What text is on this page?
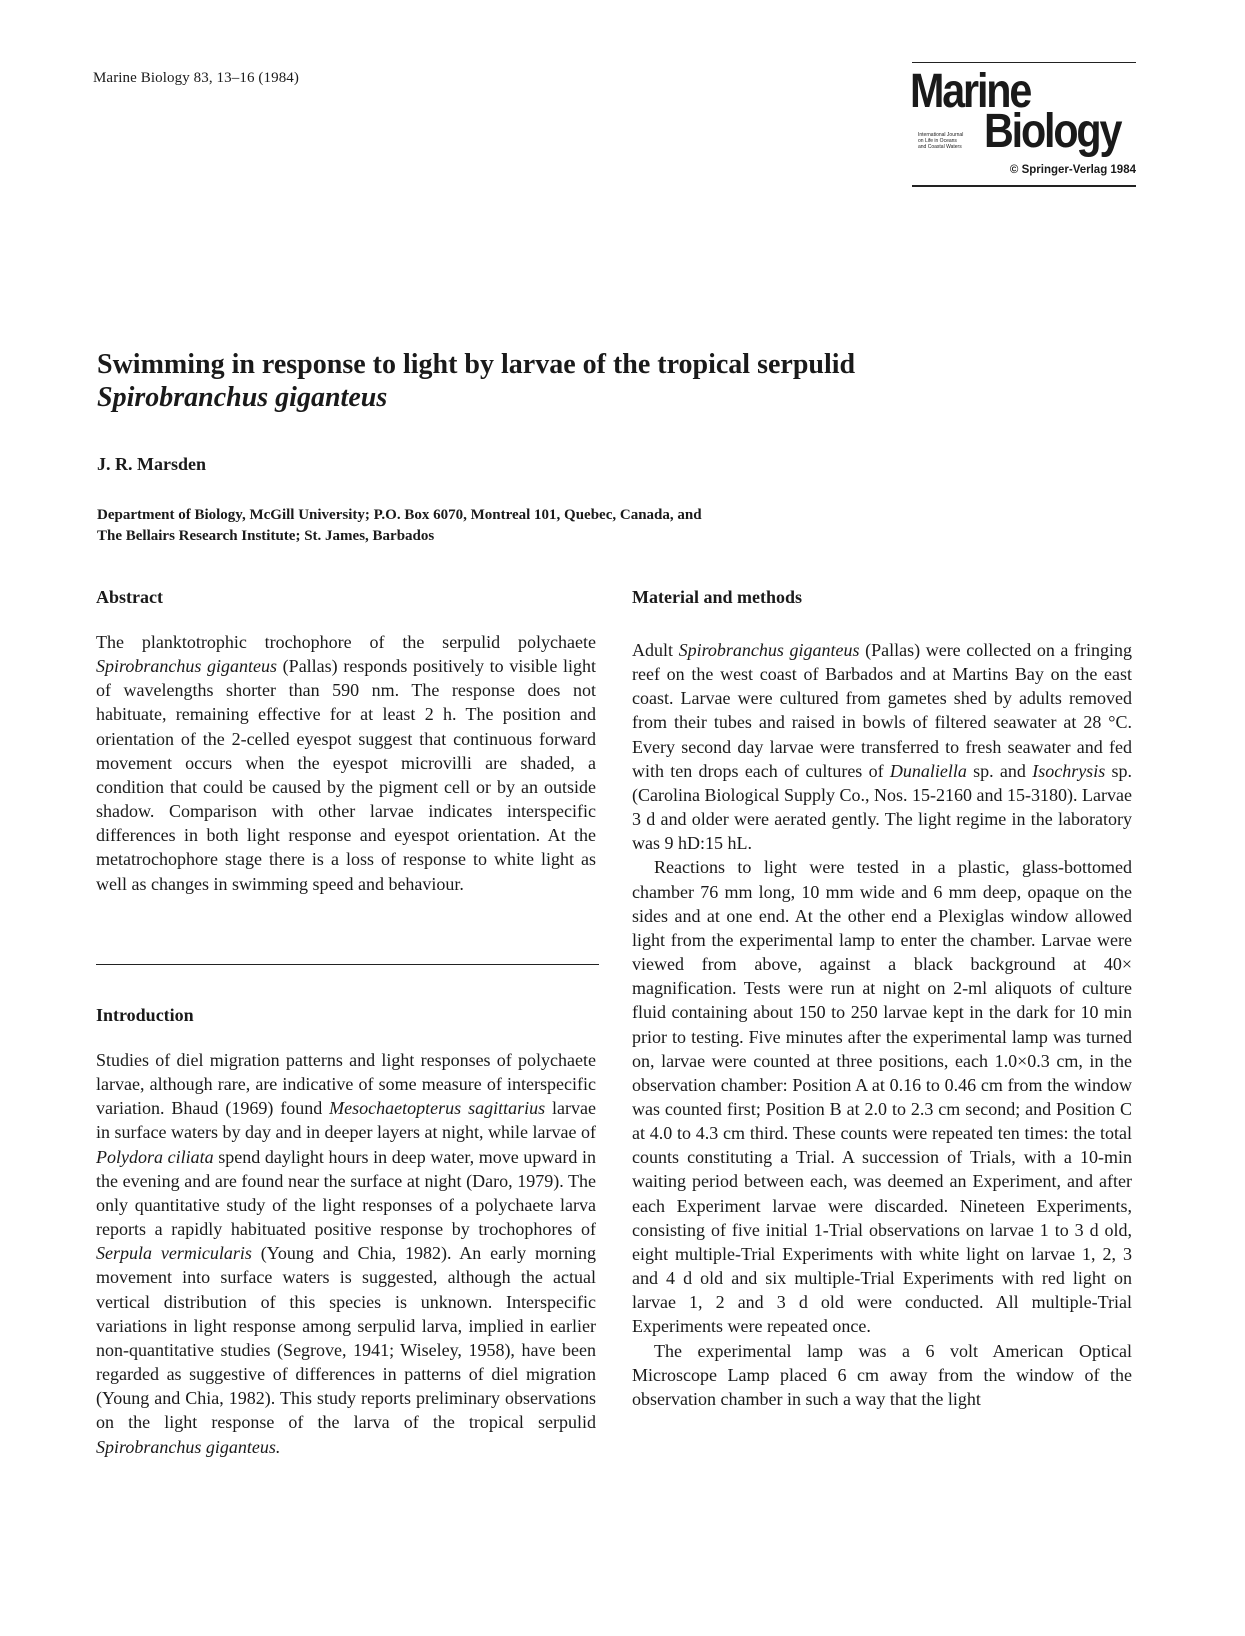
Marine Biology 83, 13–16 (1984)	Marine
International Journal
on Life in Oceans
and Coastal Waters Biology
© Springer-Verlag 1984
Swimming in response to light by larvae of the tropical serpulid
Spirobranchus giganteus
J. R. Marsden
Department of Biology, McGill University; P.O. Box 6070, Montreal 101, Quebec, Canada, and
The Bellairs Research Institute; St. James, Barbados
Abstract

The planktotrophic trochophore of the serpulid polychaete Spirobranchus giganteus (Pallas) responds positively to visible light of wavelengths shorter than 590 nm. The response does not habituate, remaining effective for at least 2 h. The position and orientation of the 2-celled eyespot suggest that continuous forward movement occurs when the eyespot microvilli are shaded, a condition that could be caused by the pigment cell or by an outside shadow. Comparison with other larvae indicates interspecific differences in both light response and eyespot orientation. At the metatrochophore stage there is a loss of response to white light as well as changes in swimming speed and behaviour.

Introduction

Studies of diel migration patterns and light responses of polychaete larvae, although rare, are indicative of some measure of interspecific variation. Bhaud (1969) found Mesochaetopterus sagittarius larvae in surface waters by day and in deeper layers at night, while larvae of Polydora ciliata spend daylight hours in deep water, move upward in the evening and are found near the surface at night (Daro, 1979). The only quantitative study of the light responses of a polychaete larva reports a rapidly habituated positive response by trochophores of Serpula vermicularis (Young and Chia, 1982). An early morning movement into surface waters is suggested, although the actual vertical distribution of this species is unknown. Interspecific variations in light response among serpulid larva, implied in earlier non-quantitative studies (Segrove, 1941; Wiseley, 1958), have been regarded as suggestive of differences in patterns of diel migration (Young and Chia, 1982). This study reports preliminary observations on the light response of the larva of the tropical serpulid Spirobranchus giganteus.

Material and methods

Adult Spirobranchus giganteus (Pallas) were collected on a fringing reef on the west coast of Barbados and at Martins Bay on the east coast. Larvae were cultured from gametes shed by adults removed from their tubes and raised in bowls of filtered seawater at 28 °C. Every second day larvae were transferred to fresh seawater and fed with ten drops each of cultures of Dunaliella sp. and Isochrysis sp. (Carolina Biological Supply Co., Nos. 15-2160 and 15-3180). Larvae 3 d and older were aerated gently. The light regime in the laboratory was 9 hD:15 hL.

Reactions to light were tested in a plastic, glass-bottomed chamber 76 mm long, 10 mm wide and 6 mm deep, opaque on the sides and at one end. At the other end a Plexiglas window allowed light from the experimental lamp to enter the chamber. Larvae were viewed from above, against a black background at 40× magnification. Tests were run at night on 2-ml aliquots of culture fluid containing about 150 to 250 larvae kept in the dark for 10 min prior to testing. Five minutes after the experimental lamp was turned on, larvae were counted at three positions, each 1.0×0.3 cm, in the observation chamber: Position A at 0.16 to 0.46 cm from the window was counted first; Position B at 2.0 to 2.3 cm second; and Position C at 4.0 to 4.3 cm third. These counts were repeated ten times: the total counts constituting a Trial. A succession of Trials, with a 10-min waiting period between each, was deemed an Experiment, and after each Experiment larvae were discarded. Nineteen Experiments, consisting of five initial 1-Trial observations on larvae 1 to 3 d old, eight multiple-Trial Experiments with white light on larvae 1, 2, 3 and 4 d old and six multiple-Trial Experiments with red light on larvae 1, 2 and 3 d old were conducted. All multiple-Trial Experiments were repeated once.

The experimental lamp was a 6 volt American Optical Microscope Lamp placed 6 cm away from the window of the observation chamber in such a way that the light
